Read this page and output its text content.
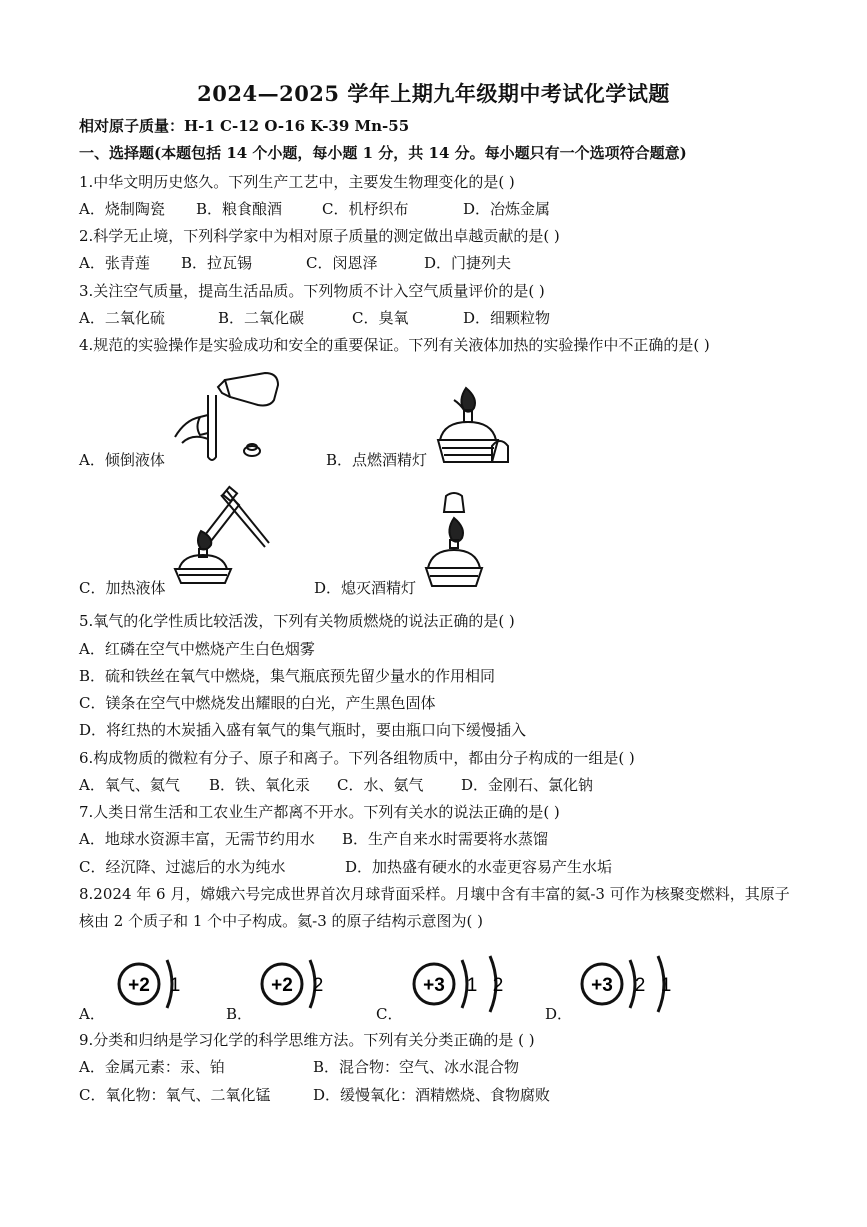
2024—2025 学年上期九年级期中考试化学试题
相对原子质量：H-1 C-12 O-16 K-39 Mn-55
一、选择题(本题包括 14 个小题，每小题 1 分，共 14 分。每小题只有一个选项符合题意)
1.中华文明历史悠久。下列生产工艺中，主要发生物理变化的是( )
A．烧制陶瓷 B．粮食酿酒	C．机杼织布	D．冶炼金属
2.科学无止境，下列科学家中为相对原子质量的测定做出卓越贡献的是( )
A．张青莲 B．拉瓦锡	C．闵恩泽	D．门捷列夫
3.关注空气质量，提高生活品质。下列物质不计入空气质量评价的是( )
A．二氧化硫	B．二氧化碳	C．臭氧	D．细颗粒物
4.规范的实验操作是实验成功和安全的重要保证。下列有关液体加热的实验操作中不正确的是( )
A．倾倒液体	B．点燃酒精灯
C．加热液体	D．熄灭酒精灯
5.氧气的化学性质比较活泼，下列有关物质燃烧的说法正确的是( )
A．红磷在空气中燃烧产生白色烟雾
B．硫和铁丝在氧气中燃烧，集气瓶底预先留少量水的作用相同
C．镁条在空气中燃烧发出耀眼的白光，产生黑色固体
D．将红热的木炭插入盛有氧气的集气瓶时，要由瓶口向下缓慢插入
6.构成物质的微粒有分子、原子和离子。下列各组物质中，都由分子构成的一组是( )
A．氧气、氦气 B．铁、氧化汞 C．水、氨气	D．金刚石、氯化钠
7.人类日常生活和工农业生产都离不开水。下列有关水的说法正确的是( )
A．地球水资源丰富，无需节约用水 B．生产自来水时需要将水蒸馏
C．经沉降、过滤后的水为纯水	D．加热盛有硬水的水壶更容易产生水垢
8.2024 年 6 月，嫦娥六号完成世界首次月球背面采样。月壤中含有丰富的氦-3 可作为核聚变燃料，其原子
核由 2 个质子和 1 个中子构成。氦-3 的原子结构示意图为( )
A．	B．	C．	D．
+2 1	+2 2	+3 1 2	+3 2 1
9.分类和归纳是学习化学的科学思维方法。下列有关分类正确的是 ( )
A．金属元素：汞、铂	B．混合物：空气、冰水混合物
C．氧化物：氧气、二氧化锰	D．缓慢氧化：酒精燃烧、食物腐败
